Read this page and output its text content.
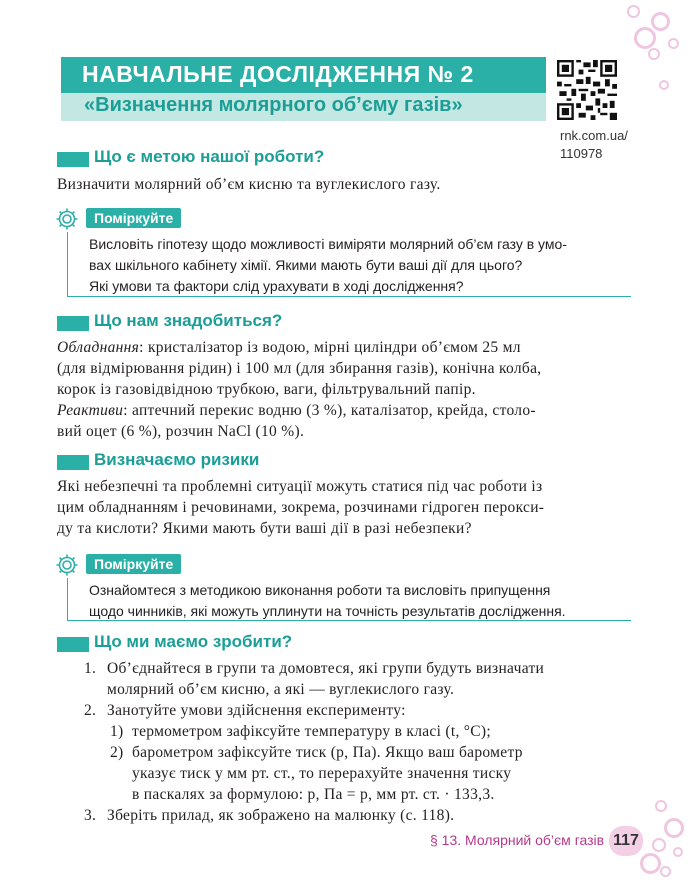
НАВЧАЛЬНЕ ДОСЛІДЖЕННЯ № 2
«Визначення молярного об’єму газів»
rnk.com.ua/
110978
Що є метою нашої роботи?
Визначити молярний об’єм кисню та вуглекислого газу.
Поміркуйте
Висловіть гіпотезу щодо можливості виміряти молярний об’єм газу в умо-
вах шкільного кабінету хімії. Якими мають бути ваші дії для цього?
Які умови та фактори слід урахувати в ході дослідження?
Що нам знадобиться?
Обладнання: кристалізатор із водою, мірні циліндри об’ємом 25 мл
(для відмірювання рідин) і 100 мл (для збирання газів), конічна колба,
корок із газовідвідною трубкою, ваги, фільтрувальний папір.
Реактиви: аптечний перекис водню (3 %), каталізатор, крейда, столо-
вий оцет (6 %), розчин NaCl (10 %).
Визначаємо ризики
Які небезпечні та проблемні ситуації можуть статися під час роботи із
цим обладнанням і речовинами, зокрема, розчинами гідроген перокси-
ду та кислоти? Якими мають бути ваші дії в разі небезпеки?
Поміркуйте
Ознайомтеся з методикою виконання роботи та висловіть припущення
щодо чинників, які можуть уплинути на точність результатів дослідження.
Що ми маємо зробити?
1. Об’єднайтеся в групи та домовтеся, які групи будуть визначати
молярний об’єм кисню, а які — вуглекислого газу.
2. Занотуйте умови здійснення експерименту:
1) термометром зафіксуйте температуру в класі (t, °С);
2) барометром зафіксуйте тиск (p, Па). Якщо ваш барометр
указує тиск у мм рт. ст., то перерахуйте значення тиску
в паскалях за формулою: p, Па = p, мм рт. ст. · 133,3.
3. Зберіть прилад, як зображено на малюнку (с. 118).
§ 13. Молярний об’єм газів 117
